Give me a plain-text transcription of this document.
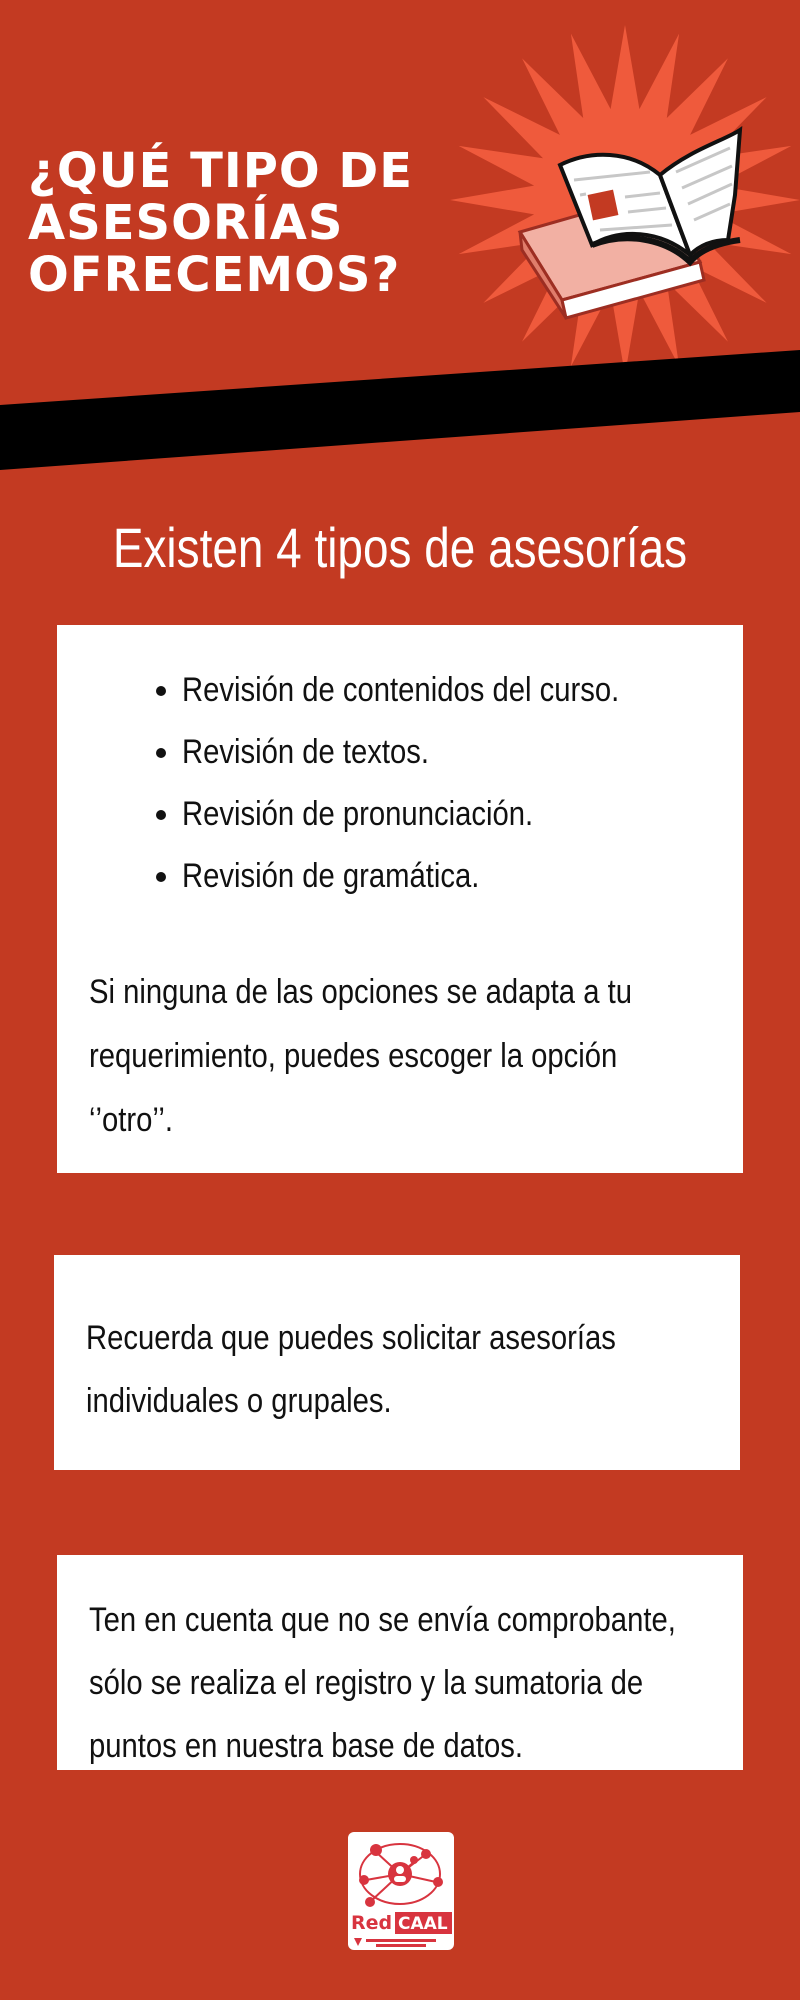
¿QUÉ TIPO DE
ASESORÍAS
OFRECEMOS?
Existen 4 tipos de asesorías
Revisión de contenidos del curso.
Revisión de textos.
Revisión de pronunciación.
Revisión de gramática.
Si ninguna de las opciones se adapta a tu
requerimiento, puedes escoger la opción
‘’otro’’.
Recuerda que puedes solicitar asesorías
individuales o grupales.
Ten en cuenta que no se envía comprobante,
sólo se realiza el registro y la sumatoria de
puntos en nuestra base de datos.
Red CAAL
